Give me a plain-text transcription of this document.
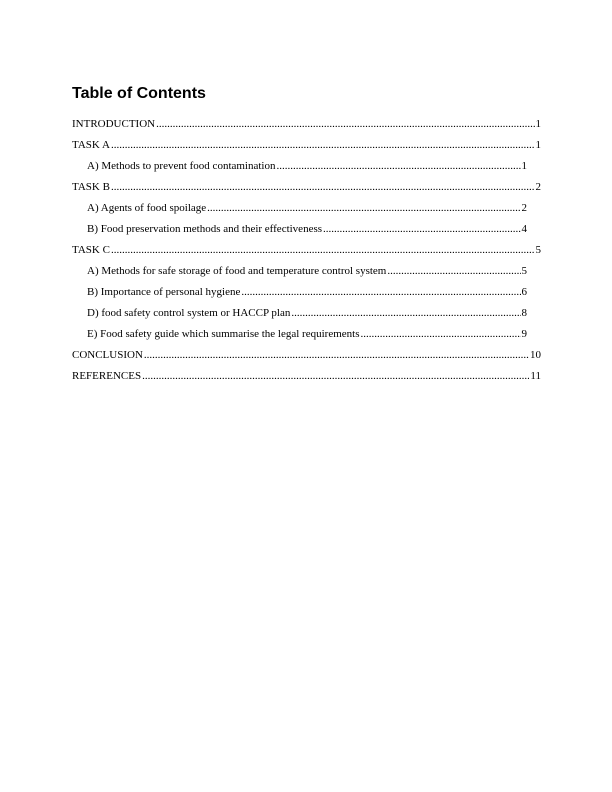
Table of Contents
INTRODUCTION .....	1
TASK A .....	1
A) Methods to prevent food contamination .....	1
TASK B .....	2
A) Agents of food spoilage .....	2
B) Food preservation methods and their effectiveness .....	4
TASK C .....	5
A) Methods for safe storage of food and temperature control system .....	5
B) Importance of personal hygiene .....	6
D) food safety control system or HACCP plan .....	8
E) Food safety guide which summarise the legal requirements .....	9
CONCLUSION .....	10
REFERENCES .....	11
